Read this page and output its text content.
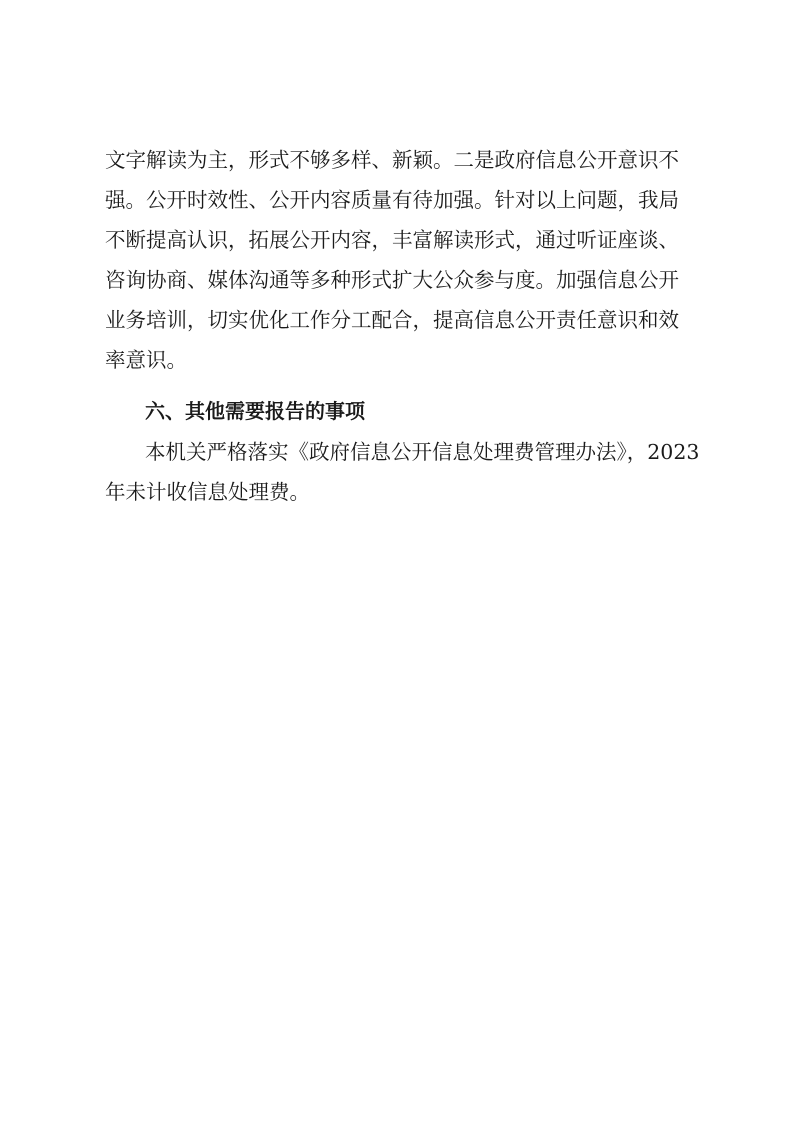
文字解读为主，形式不够多样、新颖。二是政府信息公开意识不
强。公开时效性、公开内容质量有待加强。针对以上问题，我局
不断提高认识，拓展公开内容，丰富解读形式，通过听证座谈、
咨询协商、媒体沟通等多种形式扩大公众参与度。加强信息公开
业务培训，切实优化工作分工配合，提高信息公开责任意识和效
率意识。
六、其他需要报告的事项
本机关严格落实《政府信息公开信息处理费管理办法》，2023
年未计收信息处理费。
